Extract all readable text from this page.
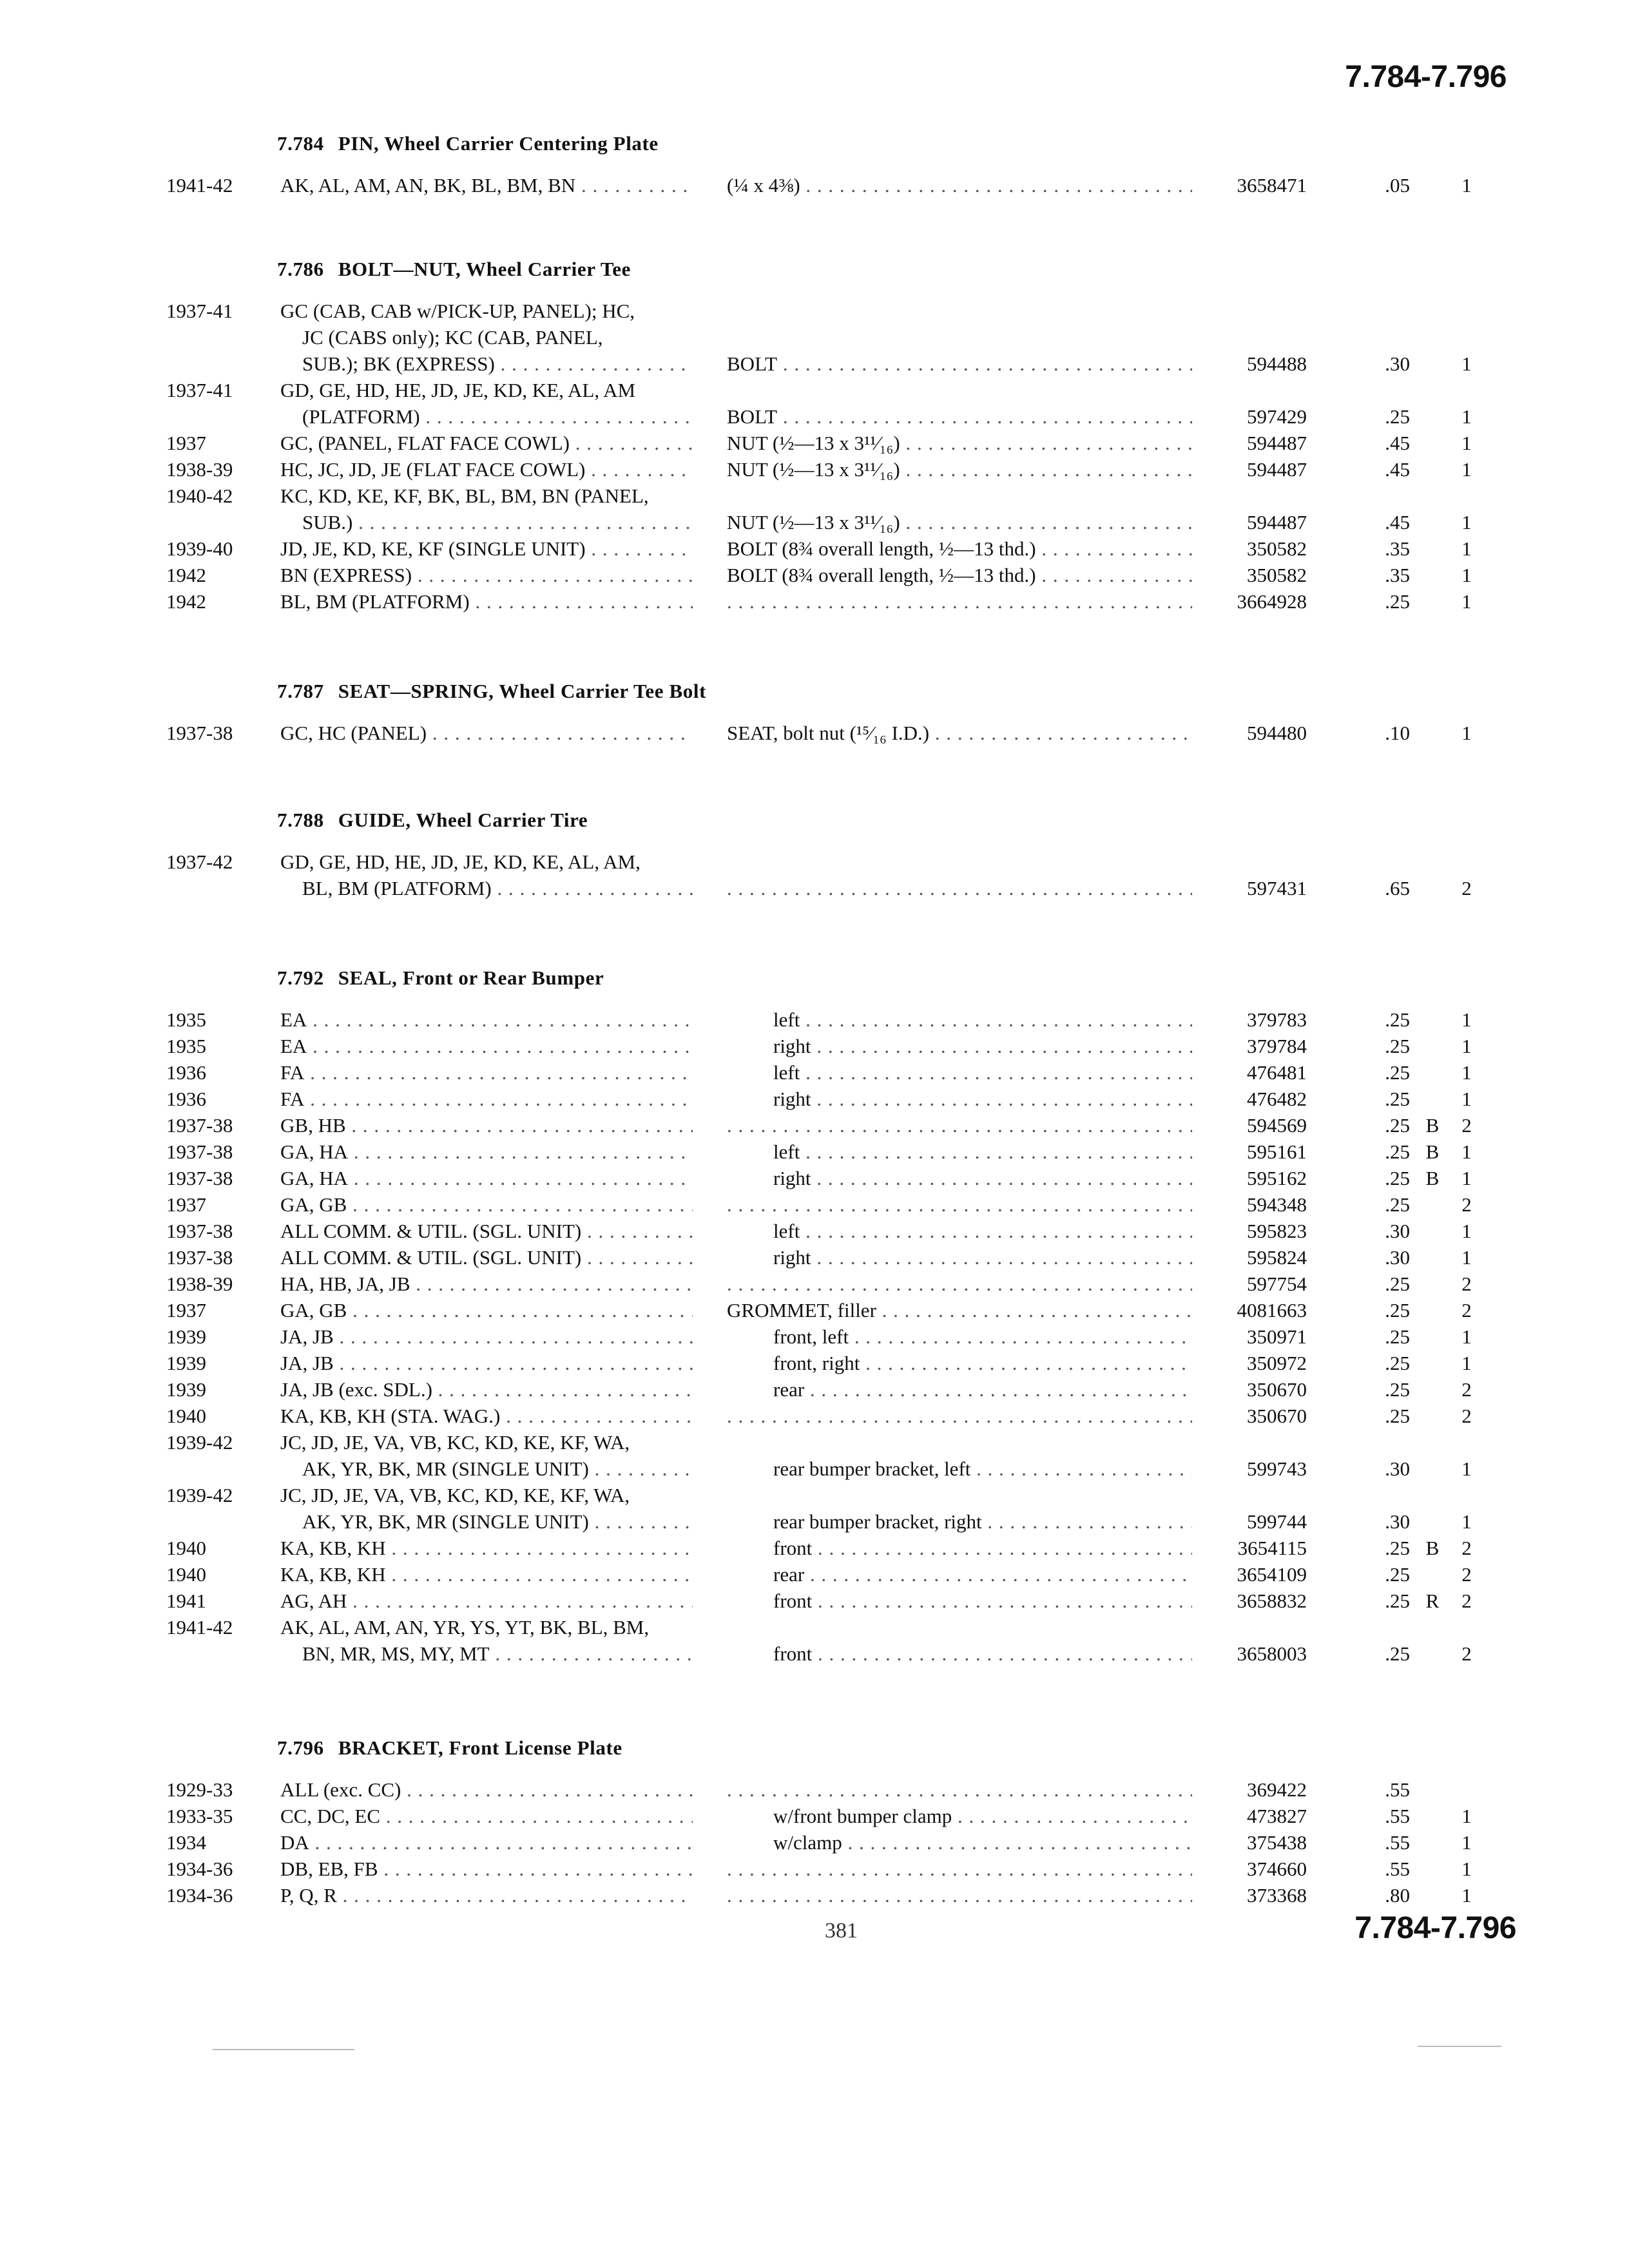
7.784-7.796
7.784 PIN, Wheel Carrier Centering Plate
1941-42 AK, AL, AM, AN, BK, BL, BM, BN . . .	(¼ x 4⅜) . . .	3658471	.05	1
7.786 BOLT—NUT, Wheel Carrier Tee
1937-41 GC (CAB, CAB w/PICK-UP, PANEL); HC,
JC (CABS only); KC (CAB, PANEL,
SUB.); BK (EXPRESS) . . .	BOLT . . .	594488	.30	1
1937-41 GD, GE, HD, HE, JD, JE, KD, KE, AL, AM
(PLATFORM) . . .	BOLT . . .	597429	.25	1
1937	GC, (PANEL, FLAT FACE COWL) . . .	NUT (½—13 x 3¹¹⁄₁₆) . . .	594487	.45	1
1938-39 HC, JC, JD, JE (FLAT FACE COWL) . . .	NUT (½—13 x 3¹¹⁄₁₆) . . .	594487	.45	1
1940-42 KC, KD, KE, KF, BK, BL, BM, BN (PANEL,
SUB.) . . .	NUT (½—13 x 3¹¹⁄₁₆) . . .	594487	.45	1
1939-40 JD, JE, KD, KE, KF (SINGLE UNIT) . . .	BOLT (8¾ overall length, ½—13 thd.) . . .	350582	.35	1
1942	BN (EXPRESS) . . .	BOLT (8¾ overall length, ½—13 thd.) . . .	350582	.35	1
1942	BL, BM (PLATFORM) . . . . . .	3664928	.25	1
7.787 SEAT—SPRING, Wheel Carrier Tee Bolt
1937-38 GC, HC (PANEL) . . .	SEAT, bolt nut (¹⁵⁄₁₆ I.D.) . . .	594480	.10	1
7.788 GUIDE, Wheel Carrier Tire
1937-42 GD, GE, HD, HE, JD, JE, KD, KE, AL, AM,
BL, BM (PLATFORM) . . . . . .	597431	.65	2
7.792 SEAL, Front or Rear Bumper
1935	EA . . .	left . . .	379783	.25	1
1935	EA . . .	right . . .	379784	.25	1
1936	FA . . .	left . . .	476481	.25	1
1936	FA . . .	right . . .	476482	.25	1
1937-38 GB, HB . . . . . .	594569	.25 B	2
1937-38 GA, HA . . .	left . . .	595161	.25 B	1
1937-38 GA, HA . . .	right . . .	595162	.25 B	1
1937	GA, GB . . . . . .	594348	.25	2
1937-38 ALL COMM. & UTIL. (SGL. UNIT) . . .	left . . .	595823	.30	1
1937-38 ALL COMM. & UTIL. (SGL. UNIT) . . .	right . . .	595824	.30	1
1938-39 HA, HB, JA, JB . . . . . .	597754	.25	2
1937	GA, GB . . .	GROMMET, filler . . .	4081663	.25	2
1939	JA, JB . . .	front, left . . .	350971	.25	1
1939	JA, JB . . .	front, right . . .	350972	.25	1
1939	JA, JB (exc. SDL.) . . .	rear . . .	350670	.25	2
1940	KA, KB, KH (STA. WAG.) . . . . . .	350670	.25	2
1939-42 JC, JD, JE, VA, VB, KC, KD, KE, KF, WA,
AK, YR, BK, MR (SINGLE UNIT) . . .	rear bumper bracket, left . . .	599743	.30	1
1939-42 JC, JD, JE, VA, VB, KC, KD, KE, KF, WA,
AK, YR, BK, MR (SINGLE UNIT) . . .	rear bumper bracket, right . . .	599744	.30	1
1940	KA, KB, KH . . .	front . . .	3654115	.25 B	2
1940	KA, KB, KH . . .	rear . . .	3654109	.25	2
1941	AG, AH . . .	front . . .	3658832	.25 R	2
1941-42 AK, AL, AM, AN, YR, YS, YT, BK, BL, BM,
BN, MR, MS, MY, MT . . .	front . . .	3658003	.25	2
7.796 BRACKET, Front License Plate
1929-33 ALL (exc. CC) . . . . . .	369422	.55
1933-35 CC, DC, EC . . .	w/front bumper clamp . . .	473827	.55	1
1934	DA . . .	w/clamp . . .	375438	.55	1
1934-36 DB, EB, FB . . . . . .	374660	.55	1
1934-36 P, Q, R . . . . . .	373368	.80	1
381	7.784-7.796
